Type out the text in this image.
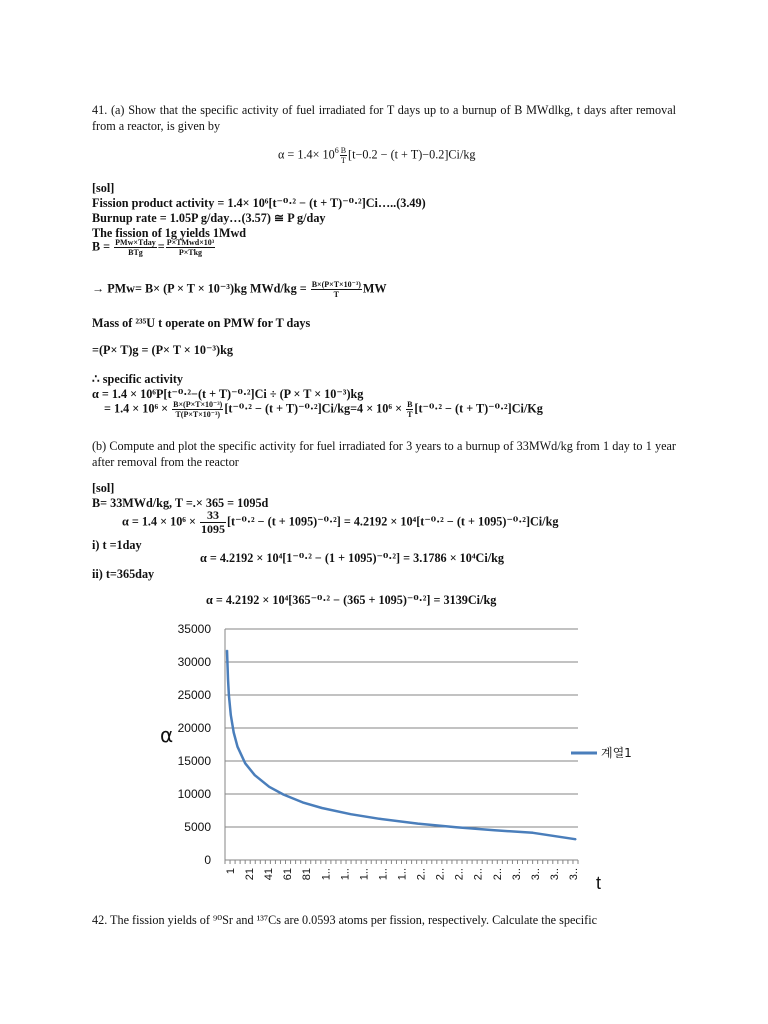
41. (a) Show that the specific activity of fuel irradiated for T days up to a burnup of B MWdlkg, t days after removal from a reactor, is given by
$\alpha = 1.4\times 10^6 \frac{B}{T} [t-0.2 - (t + T)-0.2]Ci/kg$
[sol]
Fission product activity = 1.4× 10⁶[t⁻⁰·² − (t + T)⁻⁰·²]Ci…..(3.49)
Burnup rate = 1.05P g/day…(3.57) ≅ P g/day
The fission of 1g yields 1Mwd
$B = \frac{\text{PMw×Tday}}{\text{BTg}} = \frac{\text{P×TMwd×10³}}{\text{P×Tkg}}$
→ PMw= B× (P × T × 10⁻³)kg $MWd/kg = \frac{\text{B×(P×T×10⁻³)}}{T}$ MW
Mass of ²³⁵U t operate on PMW for T days
=(P× T)g = (P× T × 10⁻³)kg
∴ specific activity
α = 1.4 × 10⁶P[t⁻⁰·²−(t + T)⁻⁰·²]Ci ÷ (P × T × 10⁻³)kg
= $1.4 \times 10^6 \times \frac{\text{B×(P×T×10⁻³)}}{\text{T(P×T×10⁻³)}} [t^{-0}\cdot^2 - (t + T)^{-0}\cdot^2]Ci/kg=4 \times 10^6 \times \frac{B}{T} [t^{-0}\cdot^2 - (t + T)^{-0}\cdot^2]Ci/Kg$
(b) Compute and plot the specific activity for fuel irradiated for 3 years to a burnup of 33MWd/kg from 1 day to 1 year after removal from the reactor
[sol]
B= 33MWd/kg, T =.× 365 = 1095d
$\alpha = 1.4 \times 10^6 \times \frac{33}{1095} [t^{-0}\cdot^2 - (t + 1095)^{-0}\cdot^2] = 4.2192 \times 10^4[t^{-0}\cdot^2 - (t + 1095)^{-0}\cdot^2]Ci/kg$
i) t =1day
α = 4.2192 × 10⁴[1⁻⁰·² − (1 + 1095)⁻⁰·²] = 3.1786 × 10⁴Ci/kg
ii) t=365day
α = 4.2192 × 10⁴[365⁻⁰·² − (365 + 1095)⁻⁰·²] = 3139Ci/kg
0
5000
10000
15000
20000
25000
30000
35000
1 21 41 61 81 1.. 1.. 1.. 1.. 1.. 2.. 2.. 2.. 2.. 2.. 3.. 3.. 3.. 3..
α
t
계열1
42. The fission yields of ⁹⁰Sr and ¹³⁷Cs are 0.0593 atoms per fission, respectively. Calculate the specific
